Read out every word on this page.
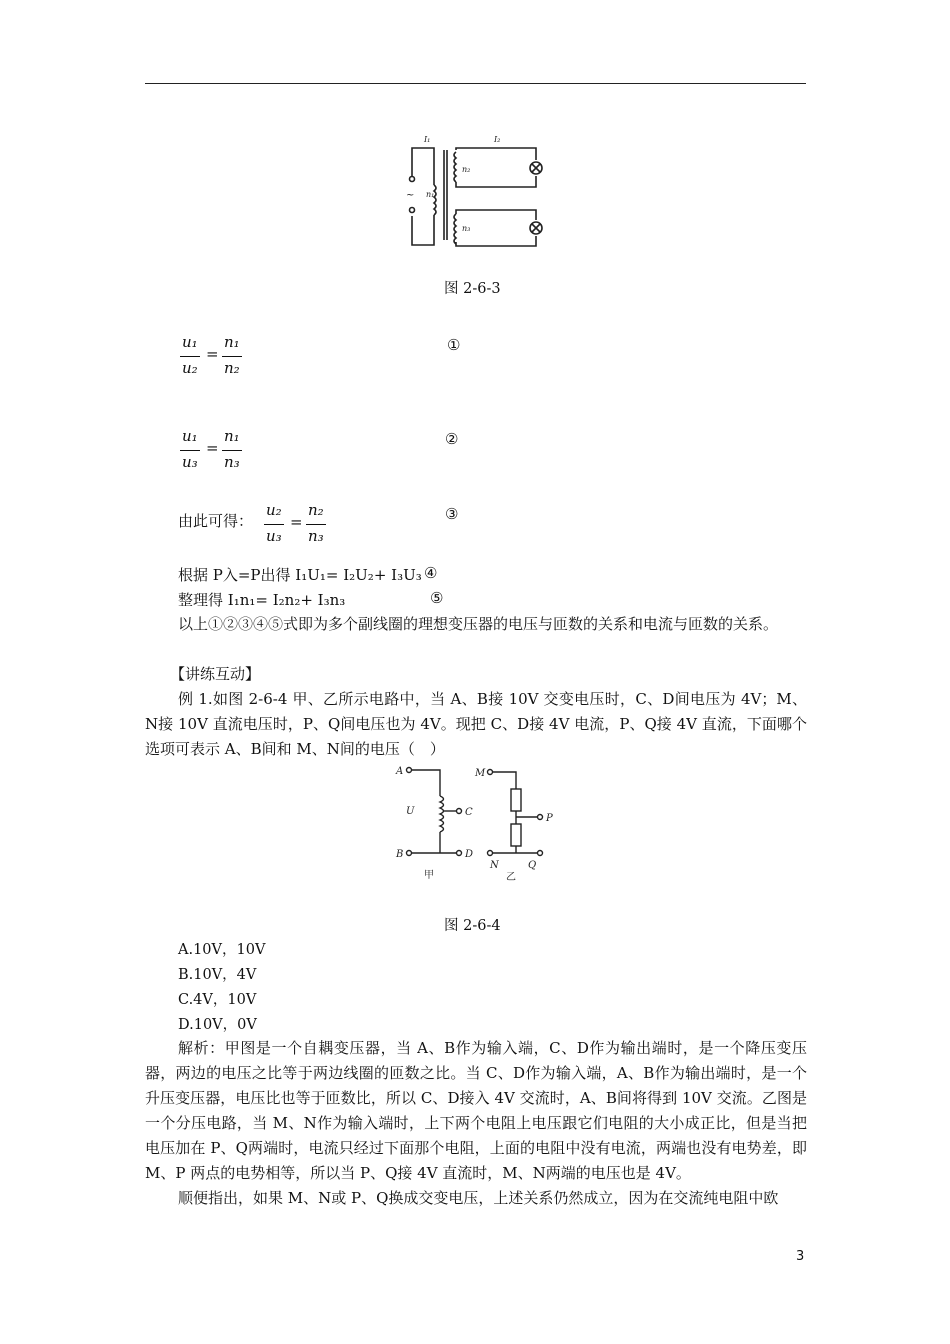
I₁	I₂
n₁
n₂
n₃
~
图 2-6-3
u₁
u₂
=
n₁
n₂
①
u₁
u₃
=
n₁
n₃
②
由此可得：
u₂
u₃
=
n₂
n₃
③
根据 P入=P出得 I₁U₁= I₂U₂+ I₃U₃ ④
整理得 I₁n₁= I₂n₂+ I₃n₃	⑤
以上①②③④⑤式即为多个副线圈的理想变压器的电压与匝数的关系和电流与匝数的关系。
【讲练互动】
例 1.如图 2-6-4 甲、乙所示电路中，当 A、B接 10V 交变电压时，C、D间电压为 4V；M、N接 10V 直流电压时，P、Q间电压也为 4V。现把 C、D接 4V 电流，P、Q接 4V 直流，下面哪个选项可表示 A、B间和 M、N间的电压（　）
A
U
B
C
D
M
P
N	Q
甲	乙
图 2-6-4
A.10V，10V
B.10V，4V
C.4V，10V
D.10V，0V
解析：甲图是一个自耦变压器，当 A、B作为输入端，C、D作为输出端时，是一个降压变压器，两边的电压之比等于两边线圈的匝数之比。当 C、D作为输入端，A、B作为输出端时，是一个升压变压器，电压比也等于匝数比，所以 C、D接入 4V 交流时，A、B间将得到 10V 交流。乙图是一个分压电路，当 M、N作为输入端时，上下两个电阻上电压跟它们电阻的大小成正比，但是当把电压加在 P、Q两端时，电流只经过下面那个电阻，上面的电阻中没有电流，两端也没有电势差，即 M、P 两点的电势相等，所以当 P、Q接 4V 直流时，M、N两端的电压也是 4V。
顺便指出，如果 M、N或 P、Q换成交变电压，上述关系仍然成立，因为在交流纯电阻中欧
3
